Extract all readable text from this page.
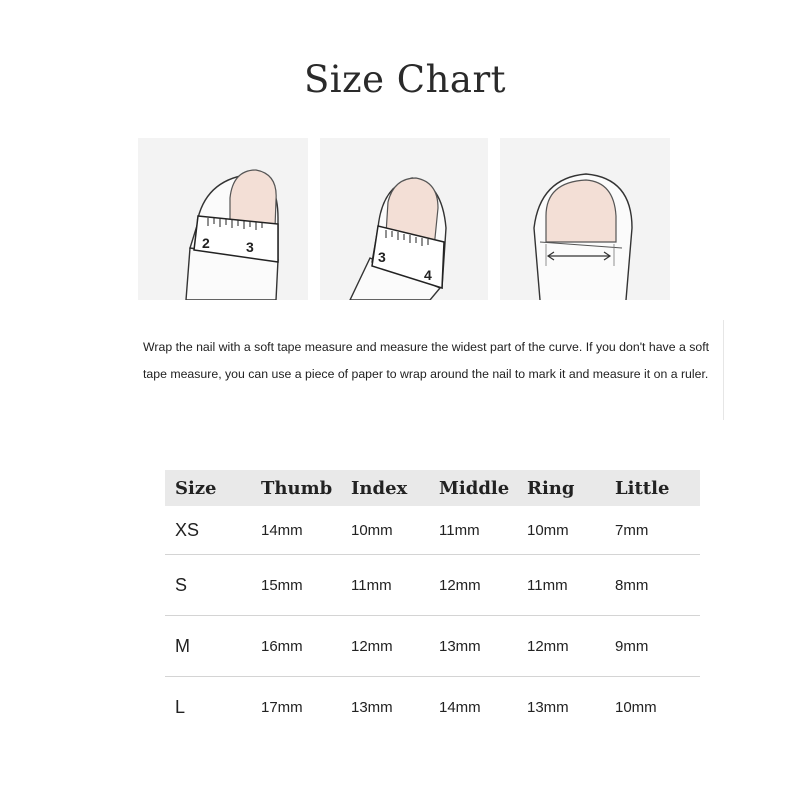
Size Chart
2	3
3
4

Wrap the nail with a soft tape measure and measure the widest part of the curve. If you don't have a soft tape measure, you can use a piece of paper to wrap around the nail to mark it and measure it on a ruler.

Size	Thumb	Index	Middle	Ring	Little
XS	14mm	10mm	11mm	10mm	7mm
S	15mm	11mm	12mm	11mm	8mm
M	16mm	12mm	13mm	12mm	9mm
L	17mm	13mm	14mm	13mm	10mm
